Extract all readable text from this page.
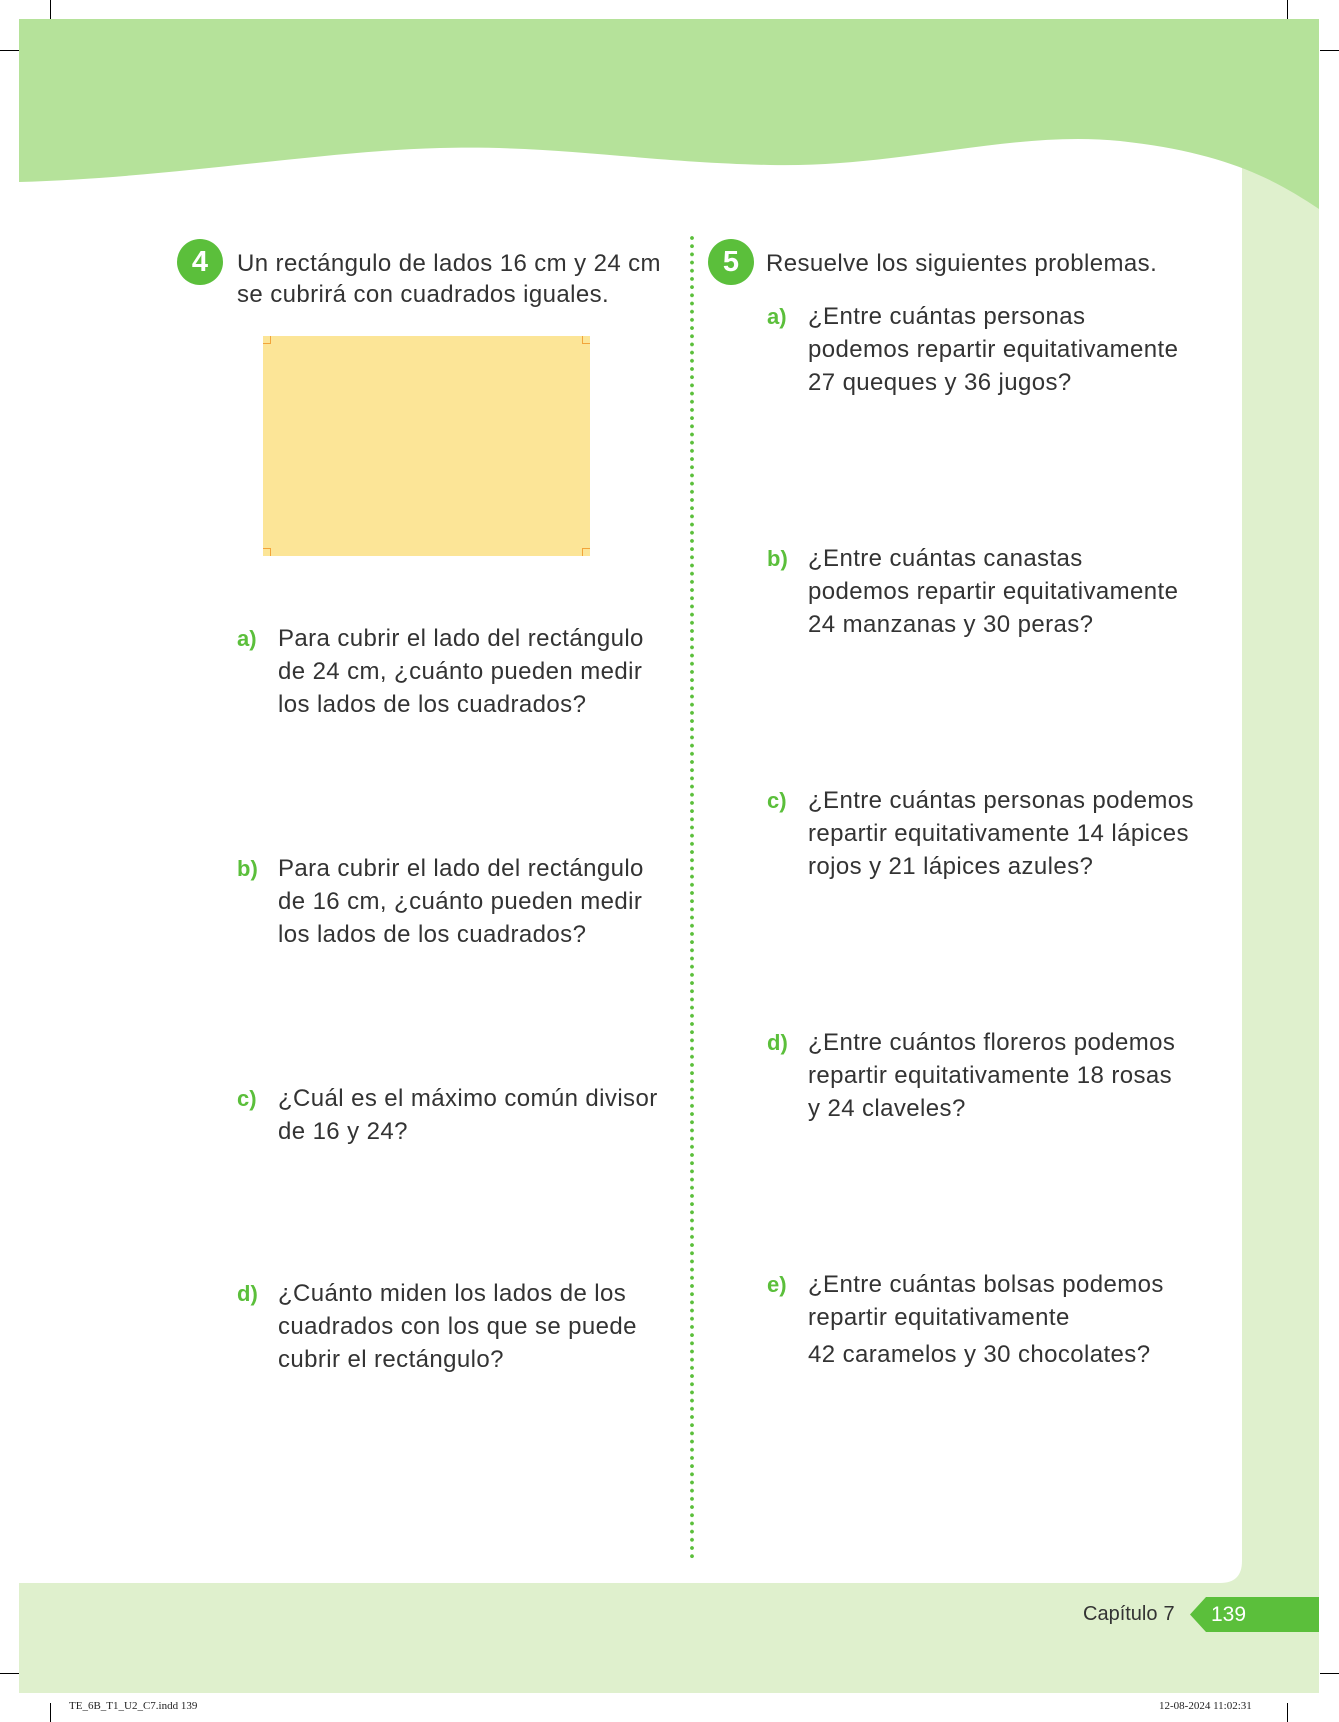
4	Un rectángulo de lados 16 cm y 24 cm
se cubrirá con cuadrados iguales.
a) Para cubrir el lado del rectángulo
de 24 cm, ¿cuánto pueden medir
los lados de los cuadrados?
b) Para cubrir el lado del rectángulo
de 16 cm, ¿cuánto pueden medir
los lados de los cuadrados?
c) ¿Cuál es el máximo común divisor
de 16 y 24?
d) ¿Cuánto miden los lados de los
cuadrados con los que se puede
cubrir el rectángulo?
5	Resuelve los siguientes problemas.
a) ¿Entre cuántas personas
podemos repartir equitativamente
27 queques y 36 jugos?
b) ¿Entre cuántas canastas
podemos repartir equitativamente
24 manzanas y 30 peras?
c) ¿Entre cuántas personas podemos
repartir equitativamente 14 lápices
rojos y 21 lápices azules?
d) ¿Entre cuántos floreros podemos
repartir equitativamente 18 rosas
y 24 claveles?
e) ¿Entre cuántas bolsas podemos
repartir equitativamente
42 caramelos y 30 chocolates?
Capítulo 7 139
TE_6B_T1_U2_C7.indd 139	12-08-2024 11:02:31
